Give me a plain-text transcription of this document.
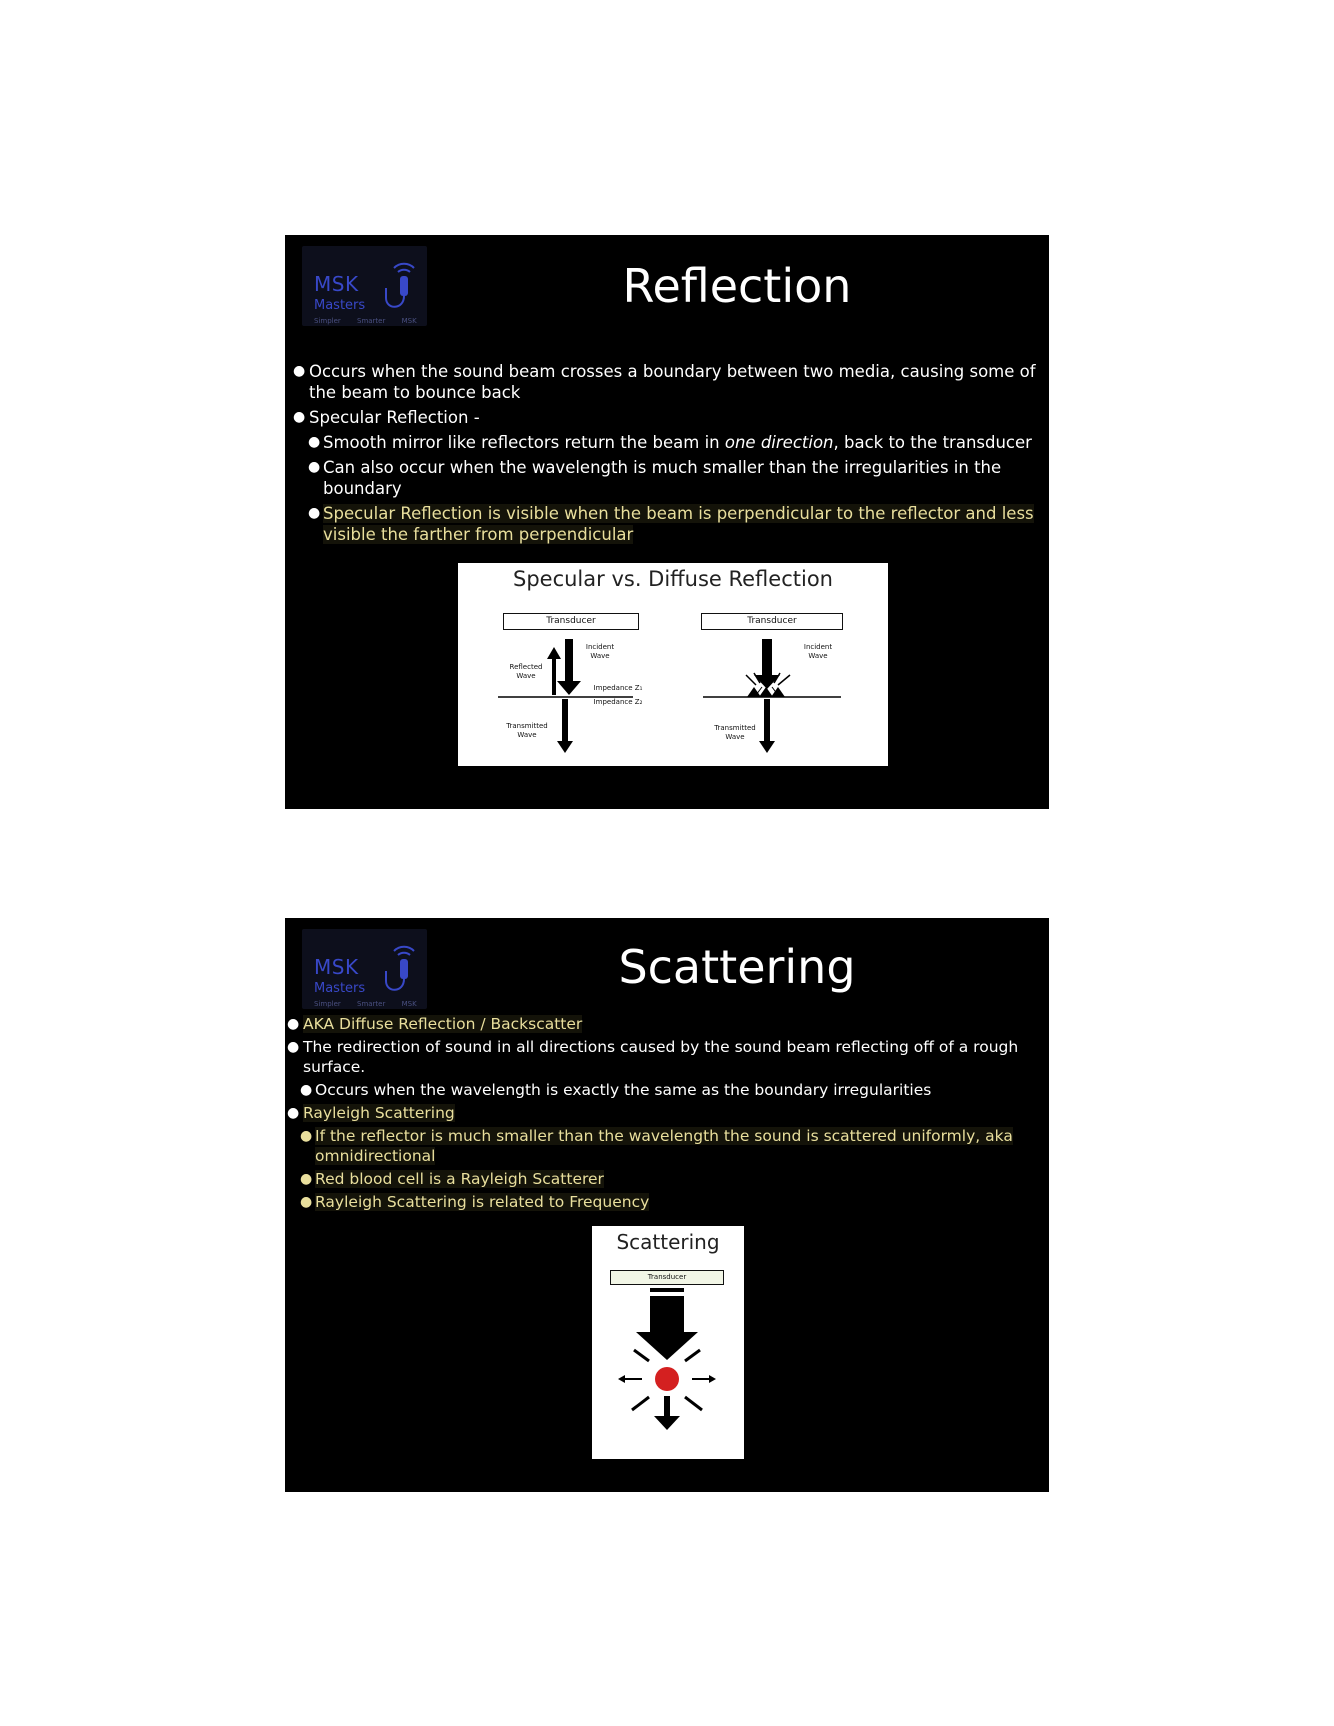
MSK
Masters
Simpler Smarter MSK
Reflection
● Occurs when the sound beam crosses a boundary between two media, causing some of the beam to bounce back
● Specular Reflection -
● Smooth mirror like reflectors return the beam in one direction, back to the transducer
● Can also occur when the wavelength is much smaller than the irregularities in the boundary
● Specular Reflection is visible when the beam is perpendicular to the reflector and less visible the farther from perpendicular
Specular vs. Diffuse Reflection
Transducer	Transducer
Incident Wave
Reflected Wave
Impedance Z₁
Impedance Z₂
Transmitted Wave
Incident Wave
Transmitted Wave
MSK
Masters
Simpler Smarter MSK
Scattering
● AKA Diffuse Reflection / Backscatter
● The redirection of sound in all directions caused by the sound beam reflecting off of a rough surface.
● Occurs when the wavelength is exactly the same as the boundary irregularities
● Rayleigh Scattering
● If the reflector is much smaller than the wavelength the sound is scattered uniformly, aka omnidirectional
● Red blood cell is a Rayleigh Scatterer
● Rayleigh Scattering is related to Frequency
Scattering
Transducer
